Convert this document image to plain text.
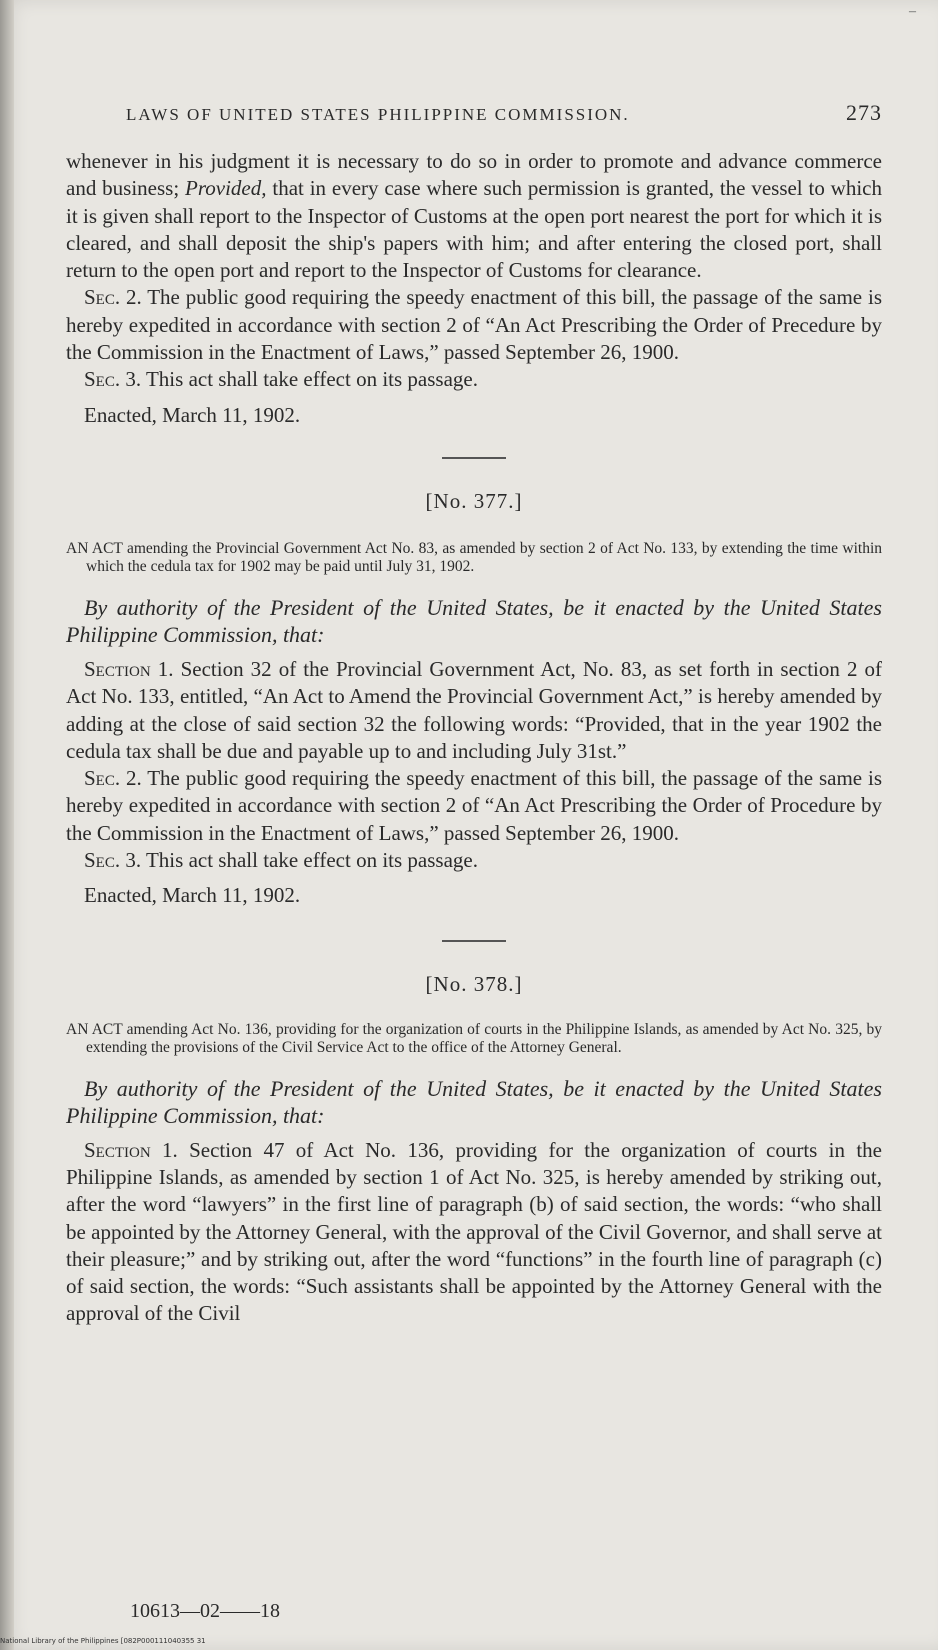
–
LAWS OF UNITED STATES PHILIPPINE COMMISSION.	273

whenever in his judgment it is necessary to do so in order to promote and advance commerce and business; Provided, that in every case where such permission is granted, the vessel to which it is given shall report to the Inspector of Customs at the open port nearest the port for which it is cleared, and shall deposit the ship's papers with him; and after entering the closed port, shall return to the open port and report to the Inspector of Customs for clearance.

Sec. 2. The public good requiring the speedy enactment of this bill, the passage of the same is hereby expedited in accordance with section 2 of “An Act Prescribing the Order of Precedure by the Commission in the Enactment of Laws,” passed September 26, 1900.

Sec. 3. This act shall take effect on its passage.

Enacted, March 11, 1902.

[No. 377.]

AN ACT amending the Provincial Government Act No. 83, as amended by section 2 of Act No. 133, by extending the time within which the cedula tax for 1902 may be paid until July 31, 1902.

By authority of the President of the United States, be it enacted by the United States Philippine Commission, that:

Section 1. Section 32 of the Provincial Government Act, No. 83, as set forth in section 2 of Act No. 133, entitled, “An Act to Amend the Provincial Government Act,” is hereby amended by adding at the close of said section 32 the following words: “Provided, that in the year 1902 the cedula tax shall be due and payable up to and including July 31st.”

Sec. 2. The public good requiring the speedy enactment of this bill, the passage of the same is hereby expedited in accordance with section 2 of “An Act Prescribing the Order of Procedure by the Commission in the Enactment of Laws,” passed September 26, 1900.

Sec. 3. This act shall take effect on its passage.

Enacted, March 11, 1902.

[No. 378.]

AN ACT amending Act No. 136, providing for the organization of courts in the Philippine Islands, as amended by Act No. 325, by extending the provisions of the Civil Service Act to the office of the Attorney General.

By authority of the President of the United States, be it enacted by the United States Philippine Commission, that:

Section 1. Section 47 of Act No. 136, providing for the organization of courts in the Philippine Islands, as amended by section 1 of Act No. 325, is hereby amended by striking out, after the word “lawyers” in the first line of paragraph (b) of said section, the words: “who shall be appointed by the Attorney General, with the approval of the Civil Governor, and shall serve at their pleasure;” and by striking out, after the word “functions” in the fourth line of paragraph (c) of said section, the words: “Such assistants shall be appointed by the Attorney General with the approval of the Civil

10613—02——18
National Library of the Philippines [082P000111040355 31
